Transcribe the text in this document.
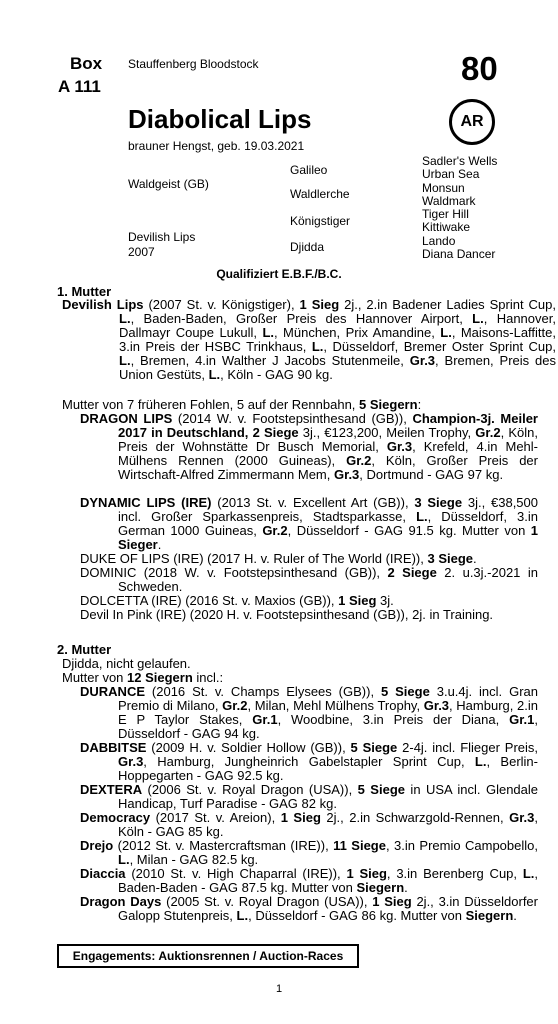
Box
A 111
Stauffenberg Bloodstock	80
AR
Diabolical Lips
brauner Hengst, geb. 19.03.2021
Waldgeist (GB)
Devilish Lips
2007
Galileo
Waldlerche
Königstiger
Djidda
Sadler's Wells
Urban Sea
Monsun
Waldmark
Tiger Hill
Kittiwake
Lando
Diana Dancer
Qualifiziert E.B.F./B.C.
1. Mutter
Devilish Lips (2007 St. v. Königstiger), 1 Sieg 2j., 2.in Badener Ladies Sprint Cup, L., Baden-Baden, Großer Preis des Hannover Airport, L., Hannover, Dallmayr Coupe Lukull, L., München, Prix Amandine, L., Maisons-Laffitte, 3.in Preis der HSBC Trinkhaus, L., Düsseldorf, Bremer Oster Sprint Cup, L., Bremen, 4.in Walther J Jacobs Stutenmeile, Gr.3, Bremen, Preis des Union Gestüts, L., Köln - GAG 90 kg.
Mutter von 7 früheren Fohlen, 5 auf der Rennbahn, 5 Siegern:
DRAGON LIPS (2014 W. v. Footstepsinthesand (GB)), Champion-3j. Meiler 2017 in Deutschland, 2 Siege 3j., €123,200, Meilen Trophy, Gr.2, Köln, Preis der Wohnstätte Dr Busch Memorial, Gr.3, Krefeld, 4.in Mehl-Mülhens Rennen (2000 Guineas), Gr.2, Köln, Großer Preis der Wirtschaft-Alfred Zimmermann Mem, Gr.3, Dortmund - GAG 97 kg.
DYNAMIC LIPS (IRE) (2013 St. v. Excellent Art (GB)), 3 Siege 3j., €38,500 incl. Großer Sparkassenpreis, Stadtsparkasse, L., Düsseldorf, 3.in German 1000 Guineas, Gr.2, Düsseldorf - GAG 91.5 kg. Mutter von 1 Sieger.
DUKE OF LIPS (IRE) (2017 H. v. Ruler of The World (IRE)), 3 Siege.
DOMINIC (2018 W. v. Footstepsinthesand (GB)), 2 Siege 2. u.3j.-2021 in Schweden.
DOLCETTA (IRE) (2016 St. v. Maxios (GB)), 1 Sieg 3j.
Devil In Pink (IRE) (2020 H. v. Footstepsinthesand (GB)), 2j. in Training.
2. Mutter
Djidda, nicht gelaufen.
Mutter von 12 Siegern incl.:
DURANCE (2016 St. v. Champs Elysees (GB)), 5 Siege 3.u.4j. incl. Gran Premio di Milano, Gr.2, Milan, Mehl Mülhens Trophy, Gr.3, Hamburg, 2.in E P Taylor Stakes, Gr.1, Woodbine, 3.in Preis der Diana, Gr.1, Düsseldorf - GAG 94 kg.
DABBITSE (2009 H. v. Soldier Hollow (GB)), 5 Siege 2-4j. incl. Flieger Preis, Gr.3, Hamburg, Jungheinrich Gabelstapler Sprint Cup, L., Berlin-Hoppegarten - GAG 92.5 kg.
DEXTERA (2006 St. v. Royal Dragon (USA)), 5 Siege in USA incl. Glendale Handicap, Turf Paradise - GAG 82 kg.
Democracy (2017 St. v. Areion), 1 Sieg 2j., 2.in Schwarzgold-Rennen, Gr.3, Köln - GAG 85 kg.
Drejo (2012 St. v. Mastercraftsman (IRE)), 11 Siege, 3.in Premio Campobello, L., Milan - GAG 82.5 kg.
Diaccia (2010 St. v. High Chaparral (IRE)), 1 Sieg, 3.in Berenberg Cup, L., Baden-Baden - GAG 87.5 kg. Mutter von Siegern.
Dragon Days (2005 St. v. Royal Dragon (USA)), 1 Sieg 2j., 3.in Düsseldorfer Galopp Stutenpreis, L., Düsseldorf - GAG 86 kg. Mutter von Siegern.
Engagements: Auktionsrennen / Auction-Races
1
